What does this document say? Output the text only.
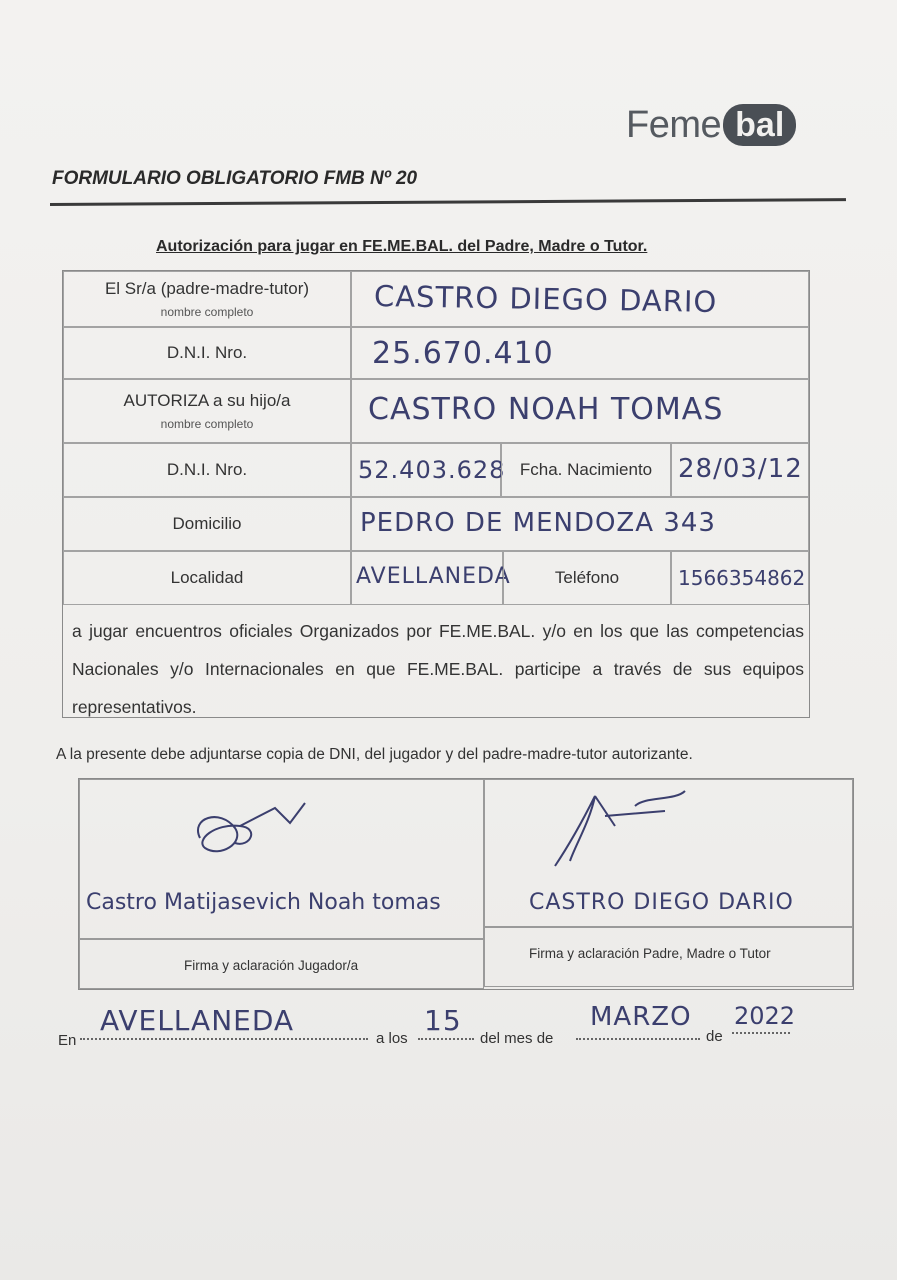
Feme bal
FORMULARIO OBLIGATORIO FMB Nº 20
Autorización para jugar en FE.ME.BAL. del Padre, Madre o Tutor.
El Sr/a (padre-madre-tutor)
nombre completo	CASTRO DIEGO DARIO
D.N.I. Nro.	25.670.410
AUTORIZA a su hijo/a
nombre completo	CASTRO NOAH TOMAS
D.N.I. Nro.	52.403.628 Fcha. Nacimiento 28/03/12
Domicilio	PEDRO DE MENDOZA 343
Localidad	AVELLANEDA	Teléfono	1566354862
a jugar encuentros oficiales Organizados por FE.ME.BAL. y/o en los que las competencias Nacionales y/o Internacionales en que FE.ME.BAL. participe a través de sus equipos representativos.
A la presente debe adjuntarse copia de DNI, del jugador y del padre-madre-tutor autorizante.
Castro Matijasevich Noah tomas	CASTRO DIEGO DARIO
Firma y aclaración Jugador/a
Firma y aclaración Padre, Madre o Tutor
En
AVELLANEDA
a los
15
del mes de
MARZO
de
2022
